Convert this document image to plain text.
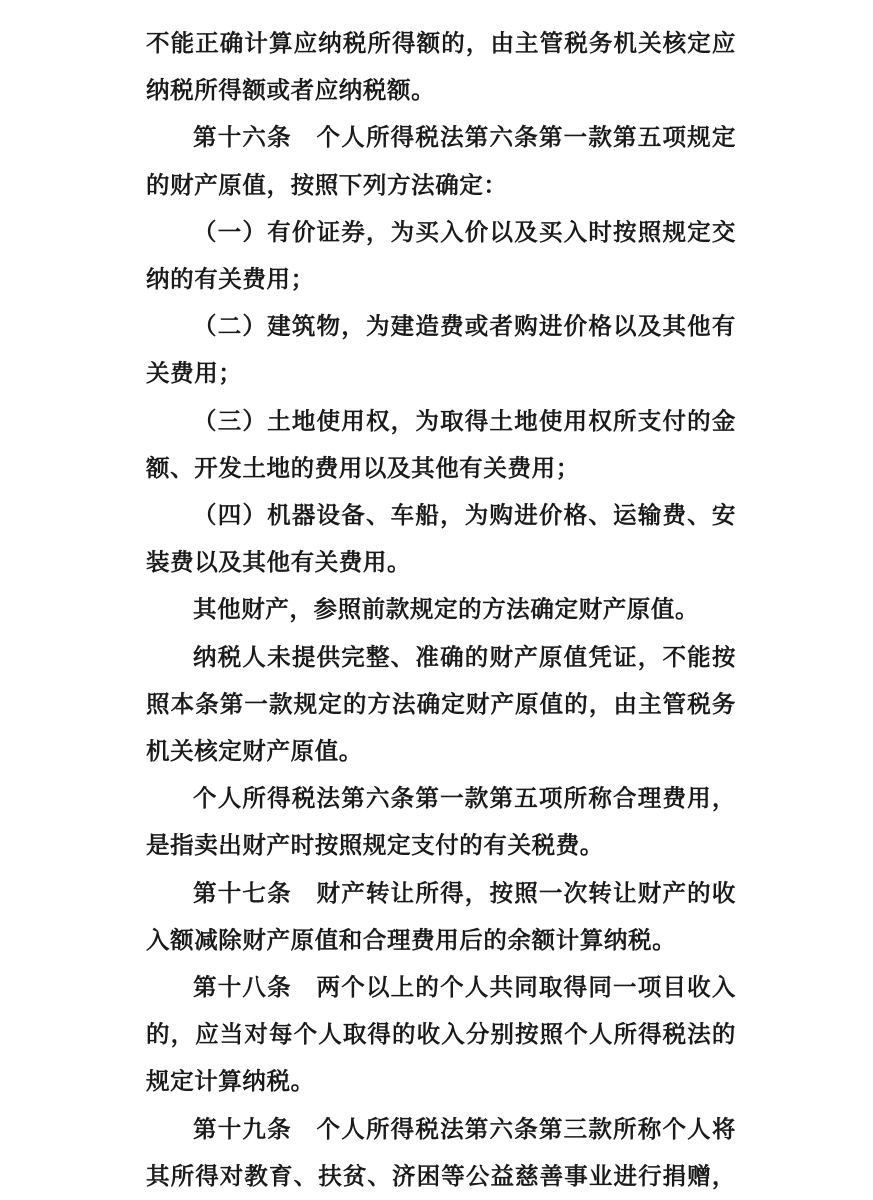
不能正确计算应纳税所得额的，由主管税务机关核定应纳税所得额或者应纳税额。

第十六条　个人所得税法第六条第一款第五项规定的财产原值，按照下列方法确定：

（一）有价证券，为买入价以及买入时按照规定交纳的有关费用；

（二）建筑物，为建造费或者购进价格以及其他有关费用；

（三）土地使用权，为取得土地使用权所支付的金额、开发土地的费用以及其他有关费用；

（四）机器设备、车船，为购进价格、运输费、安装费以及其他有关费用。

其他财产，参照前款规定的方法确定财产原值。

纳税人未提供完整、准确的财产原值凭证，不能按照本条第一款规定的方法确定财产原值的，由主管税务机关核定财产原值。

个人所得税法第六条第一款第五项所称合理费用，是指卖出财产时按照规定支付的有关税费。

第十七条　财产转让所得，按照一次转让财产的收入额减除财产原值和合理费用后的余额计算纳税。

第十八条　两个以上的个人共同取得同一项目收入的，应当对每个人取得的收入分别按照个人所得税法的规定计算纳税。

第十九条　个人所得税法第六条第三款所称个人将其所得对教育、扶贫、济困等公益慈善事业进行捐赠，
